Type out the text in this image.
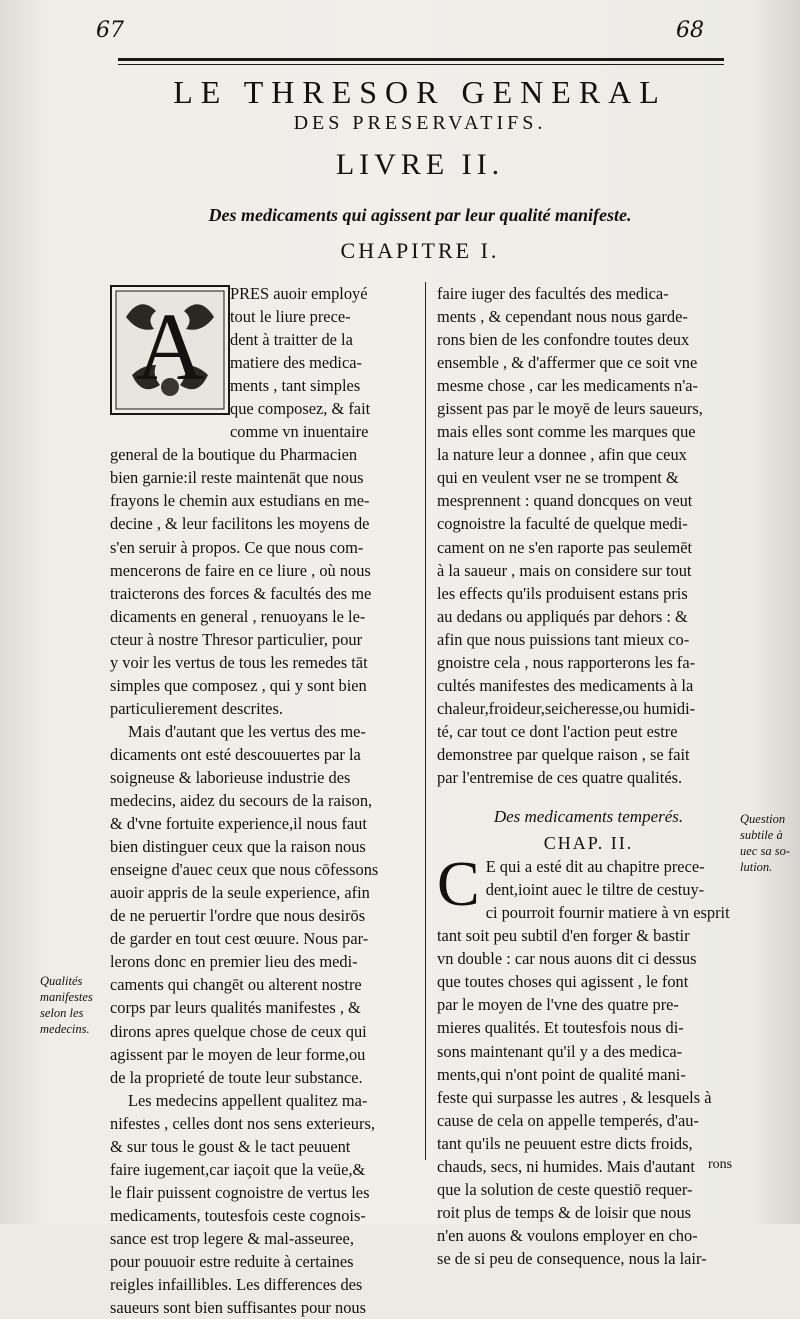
67	68
LE THRESOR GENERAL
DES PRESERVATIFS.
LIVRE II.
Des medicaments qui agissent par leur qualité manifeste.
CHAPITRE I.
A	PRES auoir employé
tout le liure prece-
dent à traitter de la
matiere des medica-
ments , tant simples
que composez, & fait
comme vn inuentaire
general de la boutique du Pharmacien
bien garnie:il reste maintenāt que nous
frayons le chemin aux estudians en me-
decine , & leur facilitons les moyens de
s'en seruir à propos. Ce que nous com-
mencerons de faire en ce liure , où nous
traicterons des forces & facultés des me
dicaments en general , renuoyans le le-
cteur à nostre Thresor particulier, pour
y voir les vertus de tous les remedes tāt
simples que composez , qui y sont bien
particulierement descrites.
Mais d'autant que les vertus des me-
dicaments ont esté descouuertes par la
soigneuse & laborieuse industrie des
medecins, aidez du secours de la raison,
& d'vne fortuite experience,il nous faut
bien distinguer ceux que la raison nous
enseigne d'auec ceux que nous cōfessons
auoir appris de la seule experience, afin
de ne peruertir l'ordre que nous desirōs
de garder en tout cest œuure. Nous par-
lerons donc en premier lieu des medi-
caments qui changēt ou alterent nostre
corps par leurs qualités manifestes , &
dirons apres quelque chose de ceux qui
agissent par le moyen de leur forme,ou
de la proprieté de toute leur substance.
Les medecins appellent qualitez ma-
nifestes , celles dont nos sens exterieurs,
& sur tous le goust & le tact peuuent
faire iugement,car iaçoit que la veüe,&
le flair puissent cognoistre de vertus les
medicaments, toutesfois ceste cognois-
sance est trop legere & mal-asseuree,
pour pouuoir estre reduite à certaines
reigles infaillibles. Les differences des
saueurs sont bien suffisantes pour nous
faire iuger des facultés des medica-
ments , & cependant nous nous garde-
rons bien de les confondre toutes deux
ensemble , & d'affermer que ce soit vne
mesme chose , car les medicaments n'a-
gissent pas par le moyē de leurs saueurs,
mais elles sont comme les marques que
la nature leur a donnee , afin que ceux
qui en veulent vser ne se trompent &
mesprennent : quand doncques on veut
cognoistre la faculté de quelque medi-
cament on ne s'en raporte pas seulemēt
à la saueur , mais on considere sur tout
les effects qu'ils produisent estans pris
au dedans ou appliqués par dehors : &
afin que nous puissions tant mieux co-
gnoistre cela , nous rapporterons les fa-
cultés manifestes des medicaments à la
chaleur,froideur,seicheresse,ou humidi-
té, car tout ce dont l'action peut estre
demonstree par quelque raison , se fait
par l'entremise de ces quatre qualités.
Des medicaments temperés.
CHAP. II.
C E qui a esté dit au chapitre prece-
dent,ioint auec le tiltre de cestuy-
ci pourroit fournir matiere à vn esprit
tant soit peu subtil d'en forger & bastir
vn double : car nous auons dit ci dessus
que toutes choses qui agissent , le font
par le moyen de l'vne des quatre pre-
mieres qualités. Et toutesfois nous di-
sons maintenant qu'il y a des medica-
ments,qui n'ont point de qualité mani-
feste qui surpasse les autres , & lesquels à
cause de cela on appelle temperés, d'au-
tant qu'ils ne peuuent estre dicts froids,
chauds, secs, ni humides. Mais d'autant
que la solution de ceste questiō requer-
roit plus de temps & de loisir que nous
n'en auons & voulons employer en cho-
se de si peu de consequence, nous la lair-
Qualités
manifestes
selon les
medecins.
Question
subtile à
uec sa so-
lution.
rons
